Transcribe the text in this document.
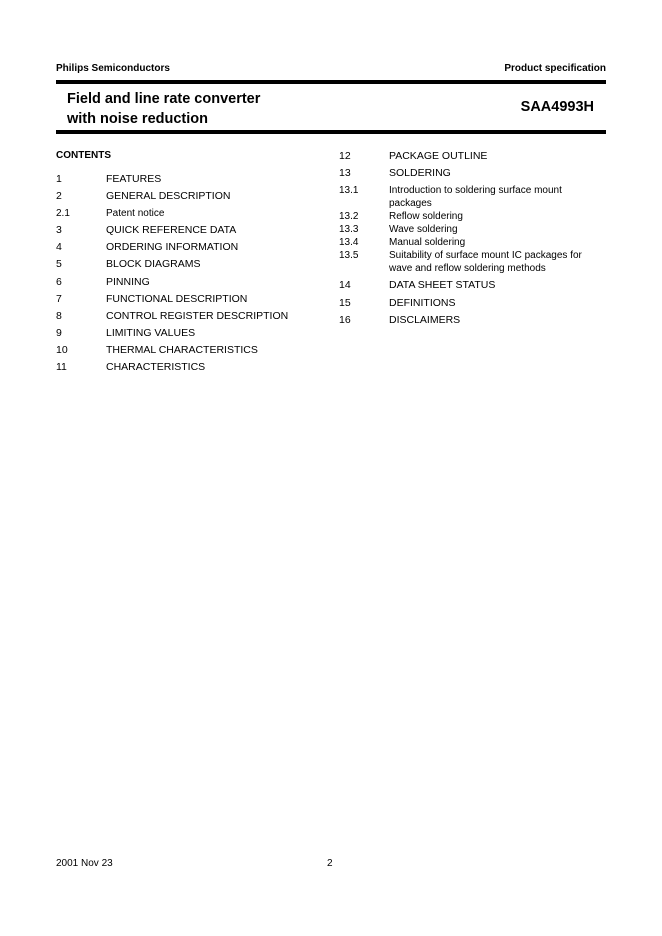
Philips Semiconductors	Product specification
Field and line rate converter
with noise reduction
SAA4993H
CONTENTS
1	FEATURES
2	GENERAL DESCRIPTION
2.1	Patent notice
3	QUICK REFERENCE DATA
4	ORDERING INFORMATION
5	BLOCK DIAGRAMS
6	PINNING
7	FUNCTIONAL DESCRIPTION
8	CONTROL REGISTER DESCRIPTION
9	LIMITING VALUES
10	THERMAL CHARACTERISTICS
11	CHARACTERISTICS
12	PACKAGE OUTLINE
13	SOLDERING
13.1	Introduction to soldering surface mount
packages
13.2	Reflow soldering
13.3	Wave soldering
13.4	Manual soldering
13.5	Suitability of surface mount IC packages for
wave and reflow soldering methods
14	DATA SHEET STATUS
15	DEFINITIONS
16	DISCLAIMERS
2001 Nov 23	2
